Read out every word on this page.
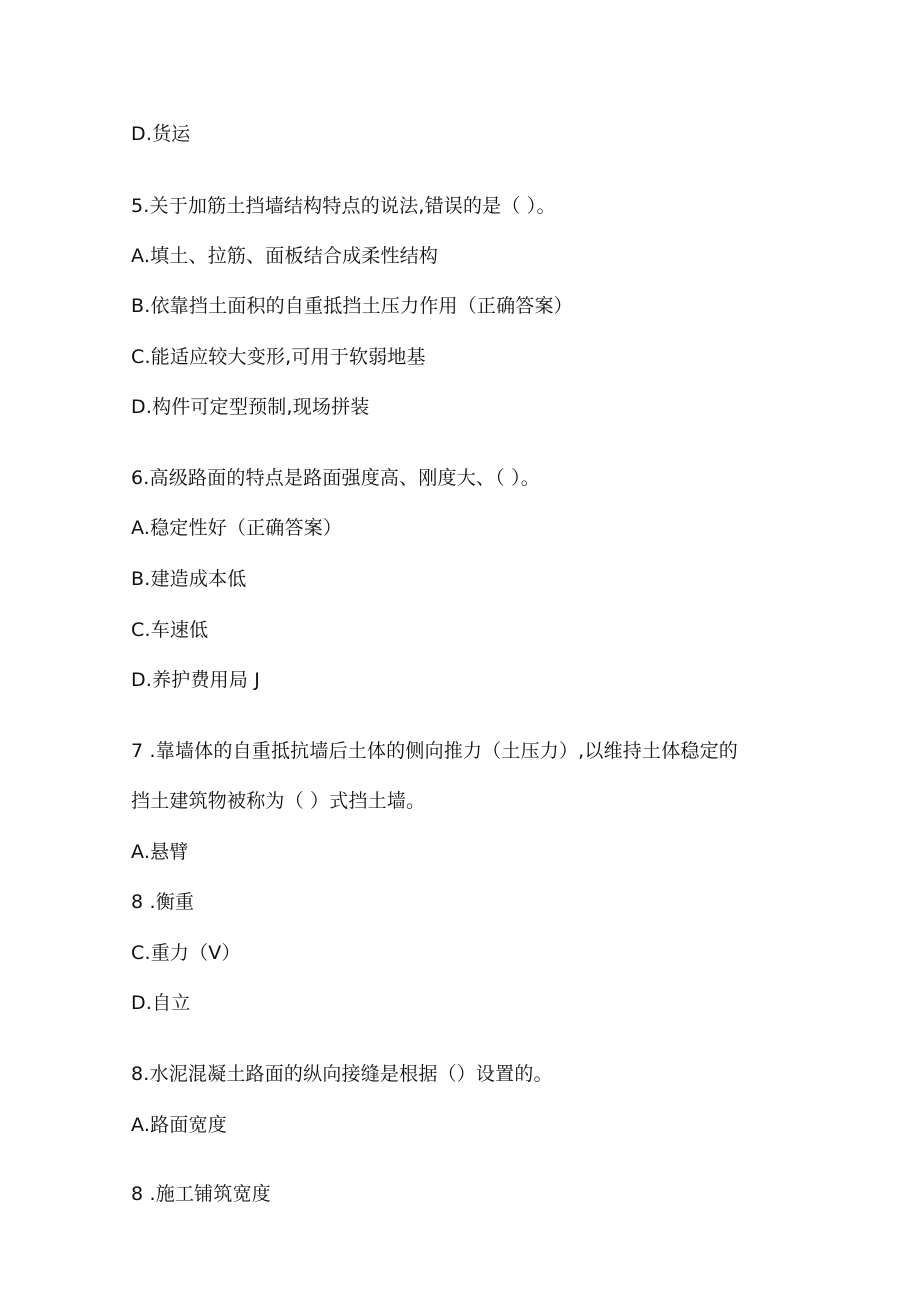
D.货运
5.关于加筋土挡墙结构特点的说法,错误的是（ ）。
A.填土、拉筋、面板结合成柔性结构
B.依靠挡土面积的自重抵挡土压力作用（正确答案）
C.能适应较大变形,可用于软弱地基
D.构件可定型预制,现场拼装
6.高级路面的特点是路面强度高、刚度大、（ ）。
A.稳定性好（正确答案）
B.建造成本低
C.车速低
D.养护费用局 J
7 .靠墙体的自重抵抗墙后土体的侧向推力（土压力）,以维持土体稳定的
挡土建筑物被称为（ ）式挡土墙。
A.悬臂
8 .衡重
C.重力（V）
D.自立
8.水泥混凝土路面的纵向接缝是根据（）设置的。
A.路面宽度
8 .施工铺筑宽度
